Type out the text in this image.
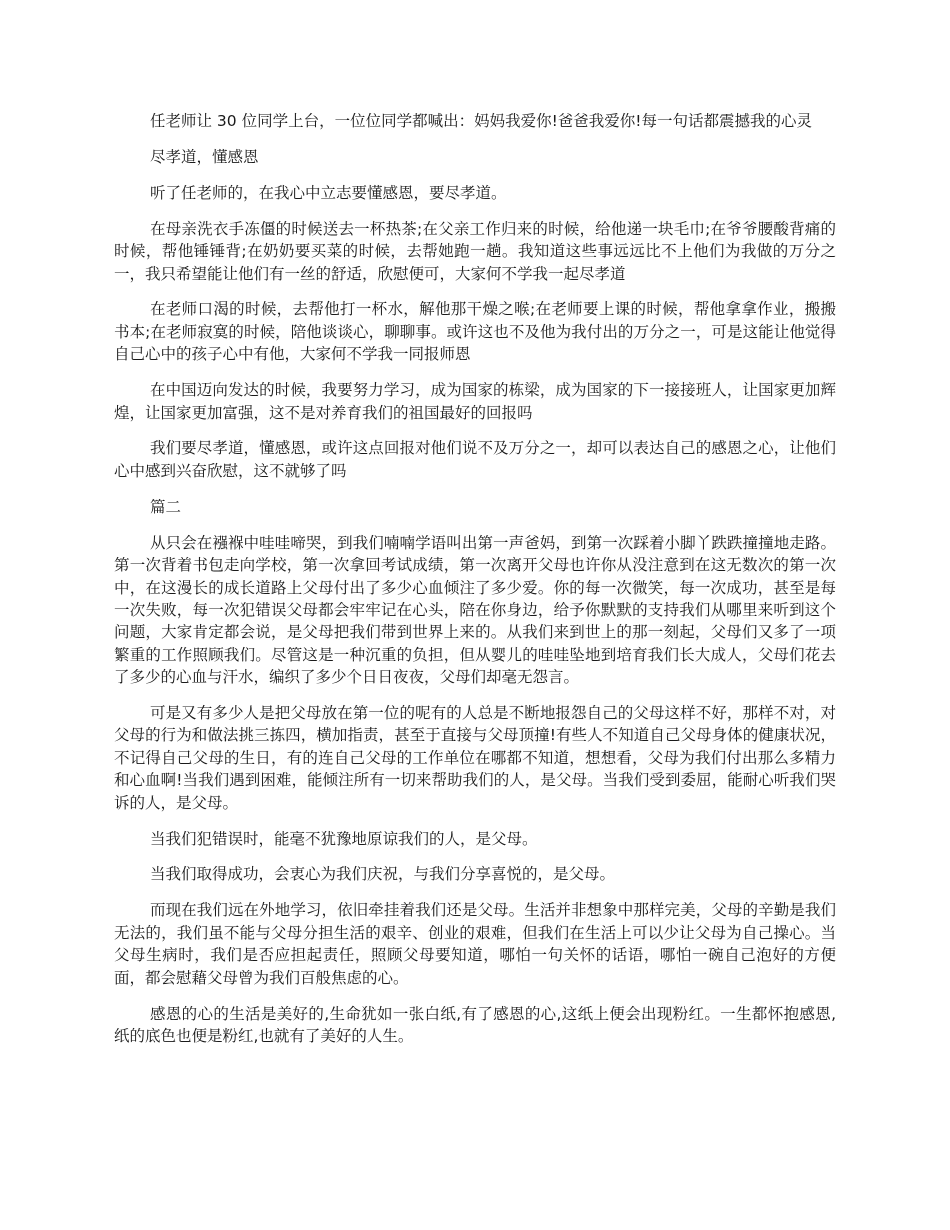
任老师让 30 位同学上台，一位位同学都喊出：妈妈我爱你!爸爸我爱你!每一句话都震撼我的心灵

尽孝道，懂感恩

听了任老师的，在我心中立志要懂感恩，要尽孝道。

在母亲洗衣手冻僵的时候送去一杯热茶;在父亲工作归来的时候，给他递一块毛巾;在爷爷腰酸背痛的时候，帮他锤锤背;在奶奶要买菜的时候，去帮她跑一趟。我知道这些事远远比不上他们为我做的万分之一，我只希望能让他们有一丝的舒适，欣慰便可，大家何不学我一起尽孝道

在老师口渴的时候，去帮他打一杯水，解他那干燥之喉;在老师要上课的时候，帮他拿拿作业，搬搬书本;在老师寂寞的时候，陪他谈谈心，聊聊事。或许这也不及他为我付出的万分之一，可是这能让他觉得自己心中的孩子心中有他，大家何不学我一同报师恩

在中国迈向发达的时候，我要努力学习，成为国家的栋梁，成为国家的下一接接班人，让国家更加辉煌，让国家更加富强，这不是对养育我们的祖国最好的回报吗

我们要尽孝道，懂感恩，或许这点回报对他们说不及万分之一，却可以表达自己的感恩之心，让他们心中感到兴奋欣慰，这不就够了吗

篇二

从只会在襁褓中哇哇啼哭，到我们喃喃学语叫出第一声爸妈，到第一次踩着小脚丫跌跌撞撞地走路。第一次背着书包走向学校，第一次拿回考试成绩，第一次离开父母也许你从没注意到在这无数次的第一次中，在这漫长的成长道路上父母付出了多少心血倾注了多少爱。你的每一次微笑，每一次成功，甚至是每一次失败，每一次犯错误父母都会牢牢记在心头，陪在你身边，给予你默默的支持我们从哪里来听到这个问题，大家肯定都会说，是父母把我们带到世界上来的。从我们来到世上的那一刻起，父母们又多了一项繁重的工作照顾我们。尽管这是一种沉重的负担，但从婴儿的哇哇坠地到培育我们长大成人，父母们花去了多少的心血与汗水，编织了多少个日日夜夜，父母们却毫无怨言。

可是又有多少人是把父母放在第一位的呢有的人总是不断地报怨自己的父母这样不好，那样不对，对父母的行为和做法挑三拣四，横加指责，甚至于直接与父母顶撞!有些人不知道自己父母身体的健康状况，不记得自己父母的生日，有的连自己父母的工作单位在哪都不知道，想想看，父母为我们付出那么多精力和心血啊!当我们遇到困难，能倾注所有一切来帮助我们的人，是父母。当我们受到委屈，能耐心听我们哭诉的人，是父母。

当我们犯错误时，能毫不犹豫地原谅我们的人，是父母。

当我们取得成功，会衷心为我们庆祝，与我们分享喜悦的，是父母。

而现在我们远在外地学习，依旧牵挂着我们还是父母。生活并非想象中那样完美，父母的辛勤是我们无法的，我们虽不能与父母分担生活的艰辛、创业的艰难，但我们在生活上可以少让父母为自己操心。当父母生病时，我们是否应担起责任，照顾父母要知道，哪怕一句关怀的话语，哪怕一碗自己泡好的方便面，都会慰藉父母曾为我们百般焦虑的心。

感恩的心的生活是美好的,生命犹如一张白纸,有了感恩的心,这纸上便会出现粉红。一生都怀抱感恩,纸的底色也便是粉红,也就有了美好的人生。
